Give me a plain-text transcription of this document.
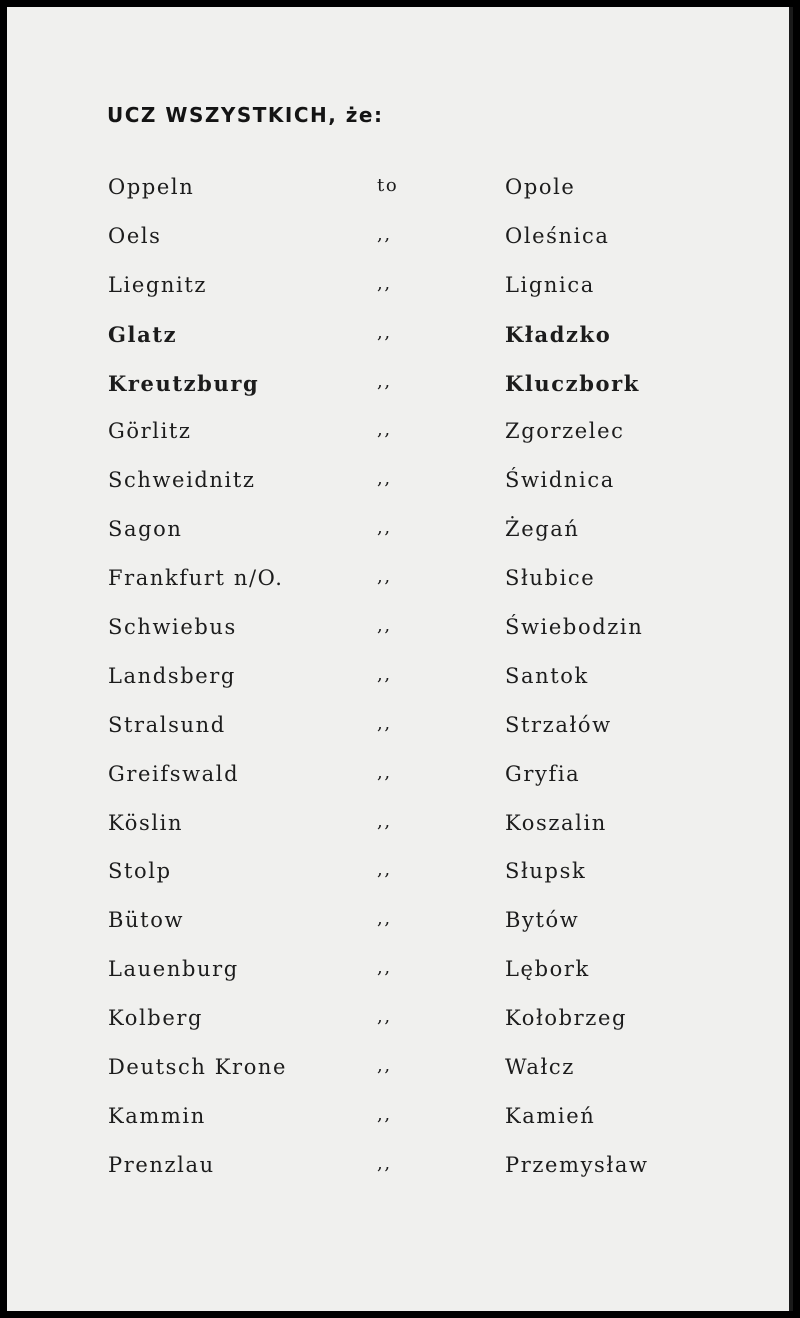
UCZ WSZYSTKICH, że:
Oppeln	to	Opole
Oels	,,	Oleśnica
Liegnitz	,,	Lignica
Glatz	,,	Kładzko
Kreutzburg	,,	Kluczbork
Görlitz	,,	Zgorzelec
Schweidnitz	,,	Świdnica
Sagon	,,	Żegań
Frankfurt n/O.	,,	Słubice
Schwiebus	,,	Świebodzin
Landsberg	,,	Santok
Stralsund	,,	Strzałów
Greifswald	,,	Gryfia
Köslin	,,	Koszalin
Stolp	,,	Słupsk
Bütow	,,	Bytów
Lauenburg	,,	Lębork
Kolberg	,,	Kołobrzeg
Deutsch Krone	,,	Wałcz
Kammin	,,	Kamień
Prenzlau	,,	Przemysław
